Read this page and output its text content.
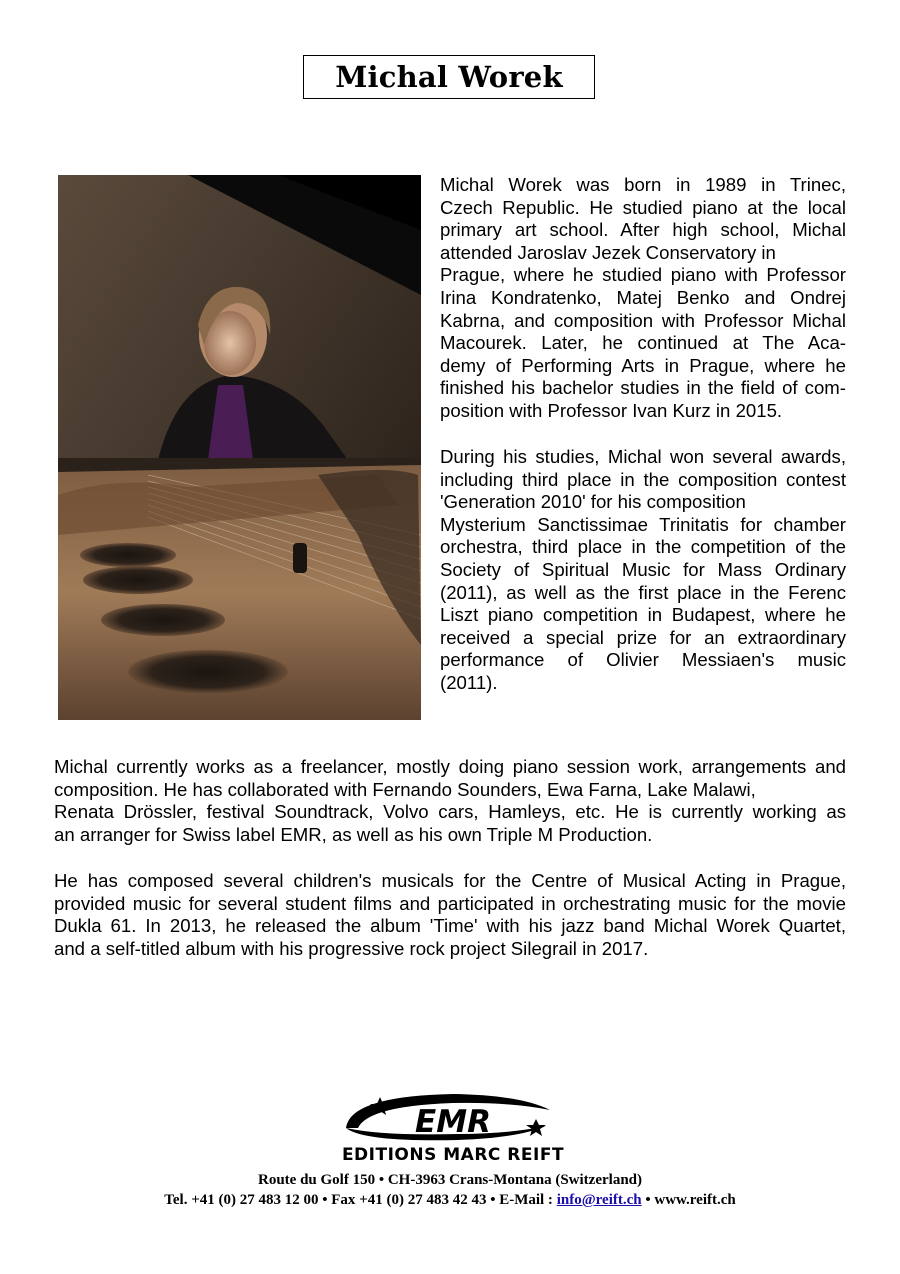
Michal Worek
Michal Worek was born in 1989 in Trinec,
Czech Republic. He studied piano at the local
primary art school. After high school, Michal
attended Jaroslav Jezek Conservatory in
Prague, where he studied piano with Professor
Irina Kondratenko, Matej Benko and Ondrej
Kabrna, and composition with Professor Michal
Macourek. Later, he continued at The Aca-
demy of Performing Arts in Prague, where he
finished his bachelor studies in the field of com-
position with Professor Ivan Kurz in 2015.
During his studies, Michal won several awards,
including third place in the composition contest
'Generation 2010' for his composition
Mysterium Sanctissimae Trinitatis for chamber
orchestra, third place in the competition of the
Society of Spiritual Music for Mass Ordinary
(2011), as well as the first place in the Ferenc
Liszt piano competition in Budapest, where he
received a special prize for an extraordinary
performance of Olivier Messiaen's music
(2011).
Michal currently works as a freelancer, mostly doing piano session work, arrangements and
composition. He has collaborated with Fernando Sounders, Ewa Farna, Lake Malawi,
Renata Drössler, festival Soundtrack, Volvo cars, Hamleys, etc. He is currently working as
an arranger for Swiss label EMR, as well as his own Triple M Production.
He has composed several children's musicals for the Centre of Musical Acting in Prague,
provided music for several student films and participated in orchestrating music for the movie
Dukla 61. In 2013, he released the album 'Time' with his jazz band Michal Worek Quartet,
and a self-titled album with his progressive rock project Silegrail in 2017.
EMR
EDITIONS MARC REIFT
Route du Golf 150 • CH-3963 Crans-Montana (Switzerland)
Tel. +41 (0) 27 483 12 00 • Fax +41 (0) 27 483 42 43 • E-Mail : info@reift.ch • www.reift.ch
